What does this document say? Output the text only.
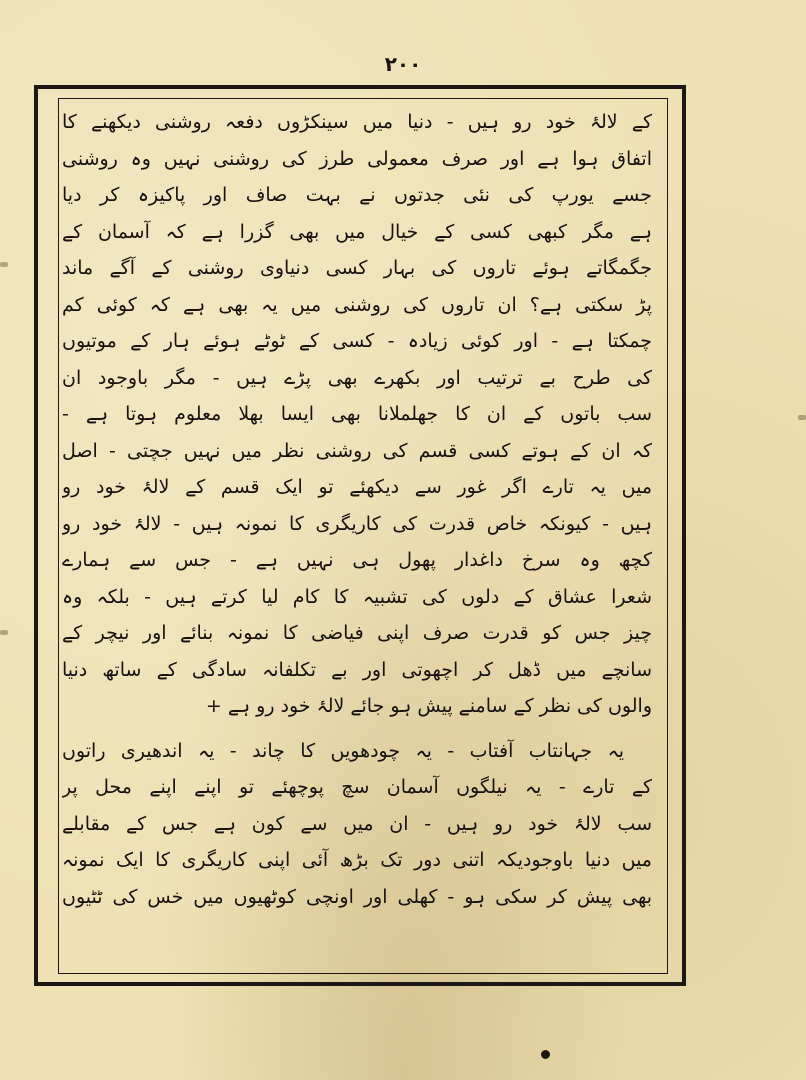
۲۰۰
کے لالۂ خود رو ہیں - دنیا میں سینکڑوں دفعہ روشنی دیکھنے کا
اتفاق ہوا ہے اور صرف معمولی طرز کی روشنی نہیں وہ روشنی
جسے یورپ کی نئی جدتوں نے بہت صاف اور پاکیزہ کر دیا
ہے مگر کبھی کسی کے خیال میں بھی گزرا ہے کہ آسمان کے
جگمگاتے ہوئے تاروں کی بہار کسی دنیاوی روشنی کے آگے ماند
پڑ سکتی ہے؟ ان تاروں کی روشنی میں یہ بھی ہے کہ کوئی کم
چمکتا ہے - اور کوئی زیادہ - کسی کے ٹوٹے ہوئے ہار کے موتیوں
کی طرح بے ترتیب اور بکھرے بھی پڑے ہیں - مگر باوجود ان
سب باتوں کے ان کا جھلملانا بھی ایسا بھلا معلوم ہوتا ہے -
کہ ان کے ہوتے کسی قسم کی روشنی نظر میں نہیں جچتی - اصل
میں یہ تارے اگر غور سے دیکھئے تو ایک قسم کے لالۂ خود رو
ہیں - کیونکہ خاص قدرت کی کاریگری کا نمونہ ہیں - لالۂ خود رو
کچھ وہ سرخ داغدار پھول ہی نہیں ہے - جس سے ہمارے
شعرا عشاق کے دلوں کی تشبیہ کا کام لیا کرتے ہیں - بلکہ وہ
چیز جس کو قدرت صرف اپنی فیاضی کا نمونہ بنائے اور نیچر کے
سانچے میں ڈھل کر اچھوتی اور بے تکلفانہ سادگی کے ساتھ دنیا
والوں کی نظر کے سامنے پیش ہو جائے لالۂ خود رو ہے +
یہ جہانتاب آفتاب - یہ چودھویں کا چاند - یہ اندھیری راتوں
کے تارے - یہ نیلگوں آسمان سچ پوچھئے تو اپنے اپنے محل پر
سب لالۂ خود رو ہیں - ان میں سے کون ہے جس کے مقابلے
میں دنیا باوجودیکہ اتنی دور تک بڑھ آئی اپنی کاریگری کا ایک نمونہ
بھی پیش کر سکی ہو - کھلی اور اونچی کوٹھیوں میں خس کی ٹٹیوں
